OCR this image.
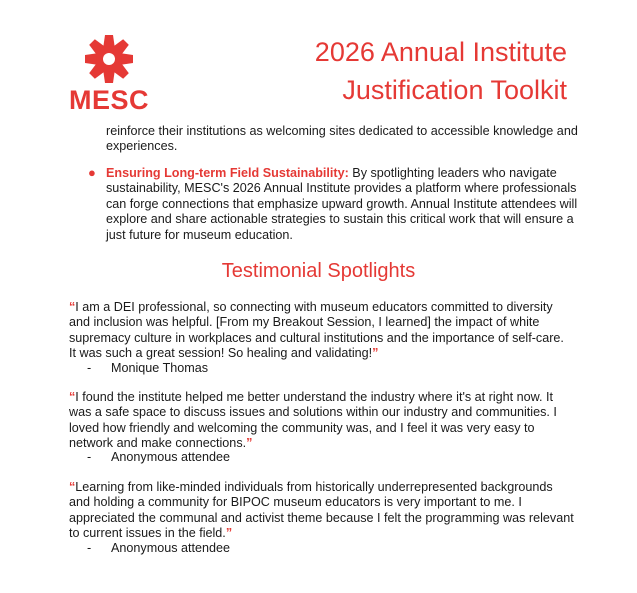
MESC
2026 Annual Institute
Justification Toolkit
reinforce their institutions as welcoming sites dedicated to accessible knowledge and experiences.
● Ensuring Long-term Field Sustainability: By spotlighting leaders who navigate sustainability, MESC's 2026 Annual Institute provides a platform where professionals can forge connections that emphasize upward growth. Annual Institute attendees will explore and share actionable strategies to sustain this critical work that will ensure a just future for museum education.
Testimonial Spotlights
“I am a DEI professional, so connecting with museum educators committed to diversity and inclusion was helpful. [From my Breakout Session, I learned] the impact of white supremacy culture in workplaces and cultural institutions and the importance of self-care. It was such a great session! So healing and validating!”
- Monique Thomas
“I found the institute helped me better understand the industry where it's at right now. It was a safe space to discuss issues and solutions within our industry and communities. I loved how friendly and welcoming the community was, and I feel it was very easy to network and make connections.”
- Anonymous attendee
“Learning from like-minded individuals from historically underrepresented backgrounds and holding a community for BIPOC museum educators is very important to me. I appreciated the communal and activist theme because I felt the programming was relevant to current issues in the field.”
- Anonymous attendee
